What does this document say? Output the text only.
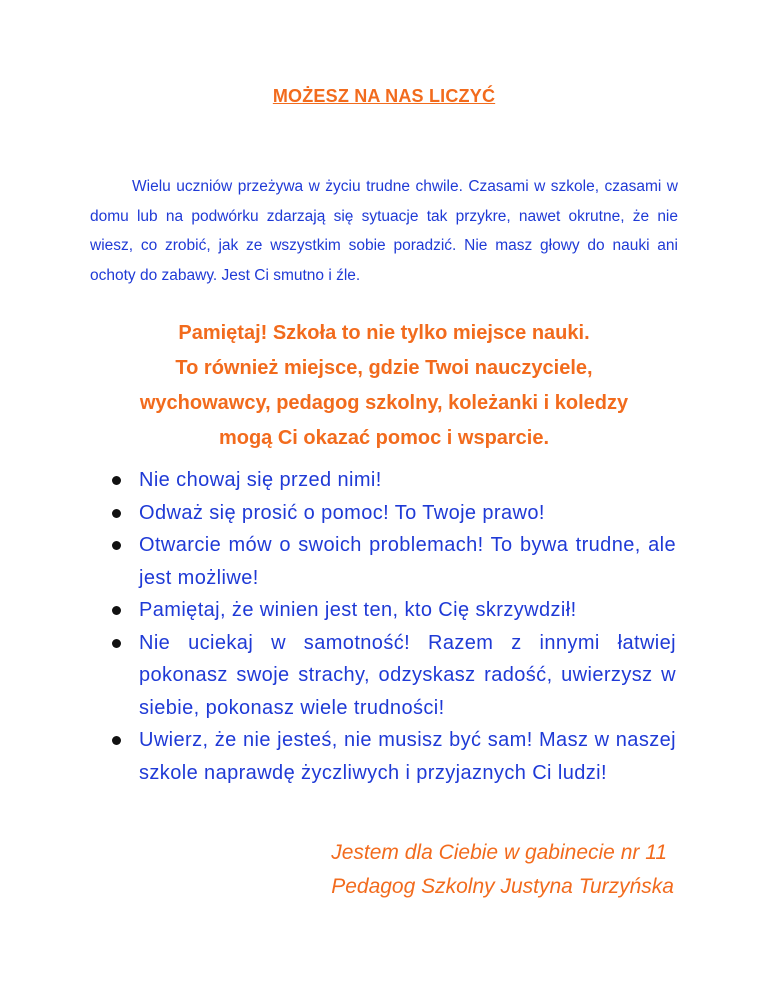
MOŻESZ NA NAS LICZYĆ

Wielu uczniów przeżywa w życiu trudne chwile. Czasami w szkole, czasami w domu lub na podwórku zdarzają się sytuacje tak przykre, nawet okrutne, że nie wiesz, co zrobić, jak ze wszystkim sobie poradzić. Nie masz głowy do nauki ani ochoty do zabawy. Jest Ci smutno i źle.

Pamiętaj! Szkoła to nie tylko miejsce nauki.
To również miejsce, gdzie Twoi nauczyciele,
wychowawcy, pedagog szkolny, koleżanki i koledzy
mogą Ci okazać pomoc i wsparcie.
Nie chowaj się przed nimi!
Odważ się prosić o pomoc! To Twoje prawo!
Otwarcie mów o swoich problemach! To bywa trudne, ale jest możliwe!
Pamiętaj, że winien jest ten, kto Cię skrzywdził!
Nie uciekaj w samotność! Razem z innymi łatwiej pokonasz swoje strachy, odzyskasz radość, uwierzysz w siebie, pokonasz wiele trudności!
Uwierz, że nie jesteś, nie musisz być sam! Masz w naszej szkole naprawdę życzliwych i przyjaznych Ci ludzi!
Jestem dla Ciebie w gabinecie nr 11
Pedagog Szkolny Justyna Turzyńska
